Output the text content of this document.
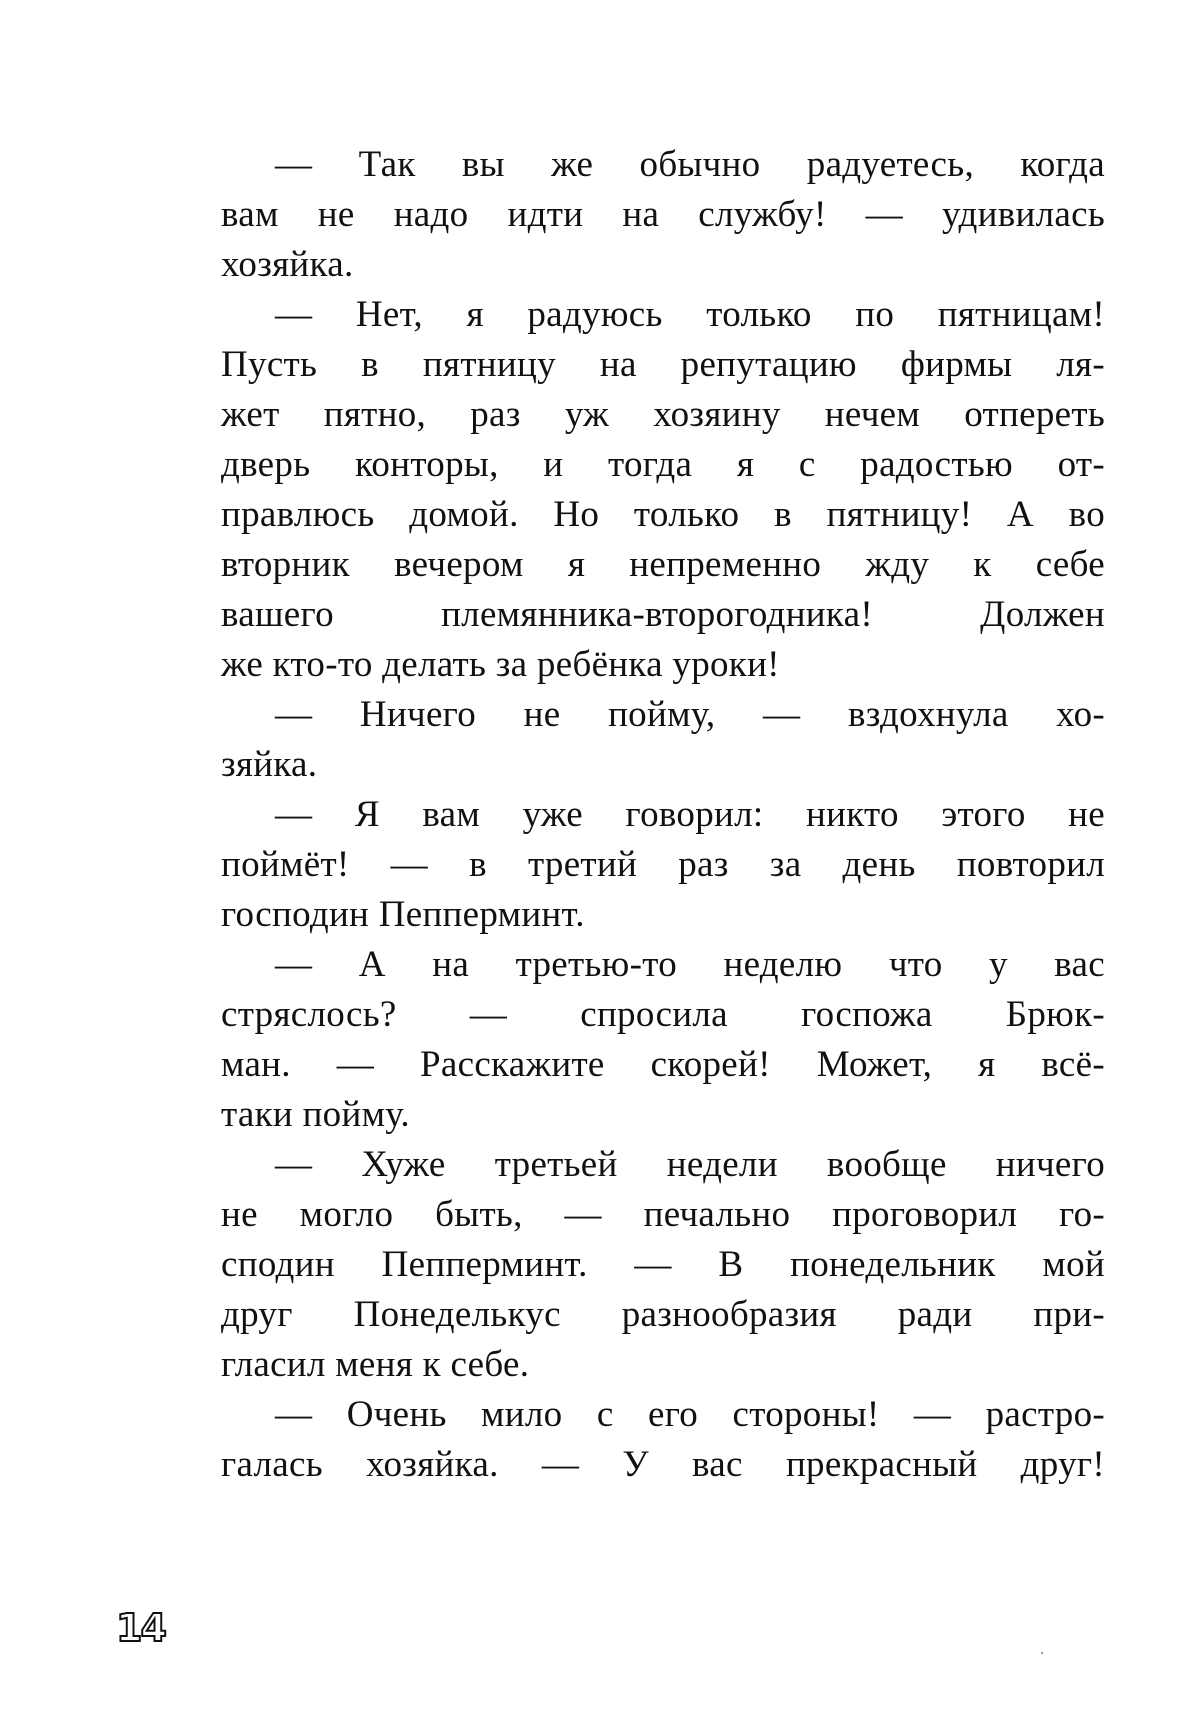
— Так вы же обычно радуетесь, когда
вам не надо идти на службу! — удивилась
хозяйка.
— Нет, я радуюсь только по пятницам!
Пусть в пятницу на репутацию фирмы ля-
жет пятно, раз уж хозяину нечем отпереть
дверь конторы, и тогда я с радостью от-
правлюсь домой. Но только в пятницу! А во
вторник вечером я непременно жду к себе
вашего племянника-второгодника! Должен
же кто-то делать за ребёнка уроки!
— Ничего не пойму, — вздохнула хо-
зяйка.
— Я вам уже говорил: никто этого не
поймёт! — в третий раз за день повторил
господин Пепперминт.
— А на третью-то неделю что у вас
стряслось? — спросила госпожа Брюк-
ман. — Расскажите скорей! Может, я всё-
таки пойму.
— Хуже третьей недели вообще ничего
не могло быть, — печально проговорил го-
сподин Пепперминт. — В понедельник мой
друг Понеделькус разнообразия ради при-
гласил меня к себе.
— Очень мило с его стороны! — растро-
галась хозяйка. — У вас прекрасный друг!
14
